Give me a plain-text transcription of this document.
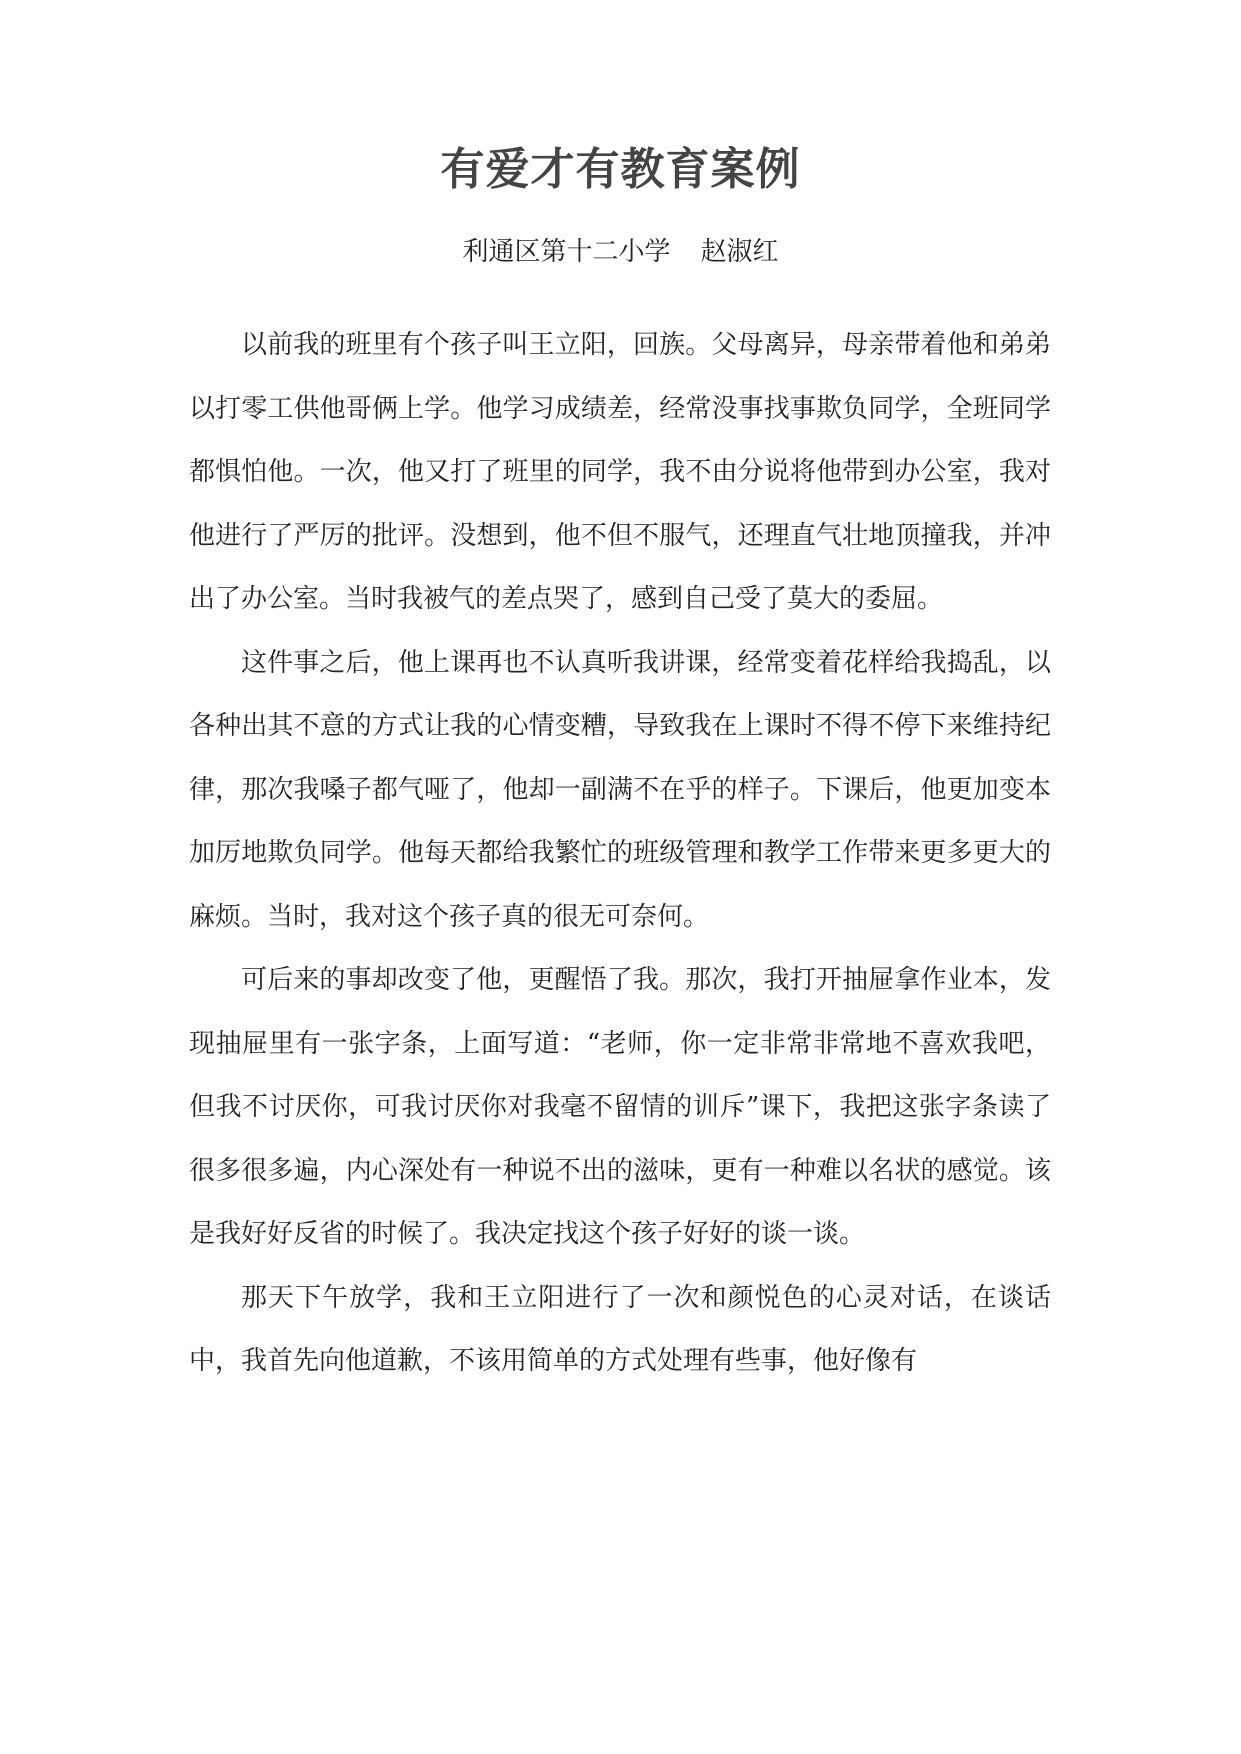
有爱才有教育案例
利通区第十二小学 赵淑红

以前我的班里有个孩子叫王立阳，回族。父母离异，母亲带着他和弟弟以打零工供他哥俩上学。他学习成绩差，经常没事找事欺负同学，全班同学都惧怕他。一次，他又打了班里的同学，我不由分说将他带到办公室，我对他进行了严厉的批评。没想到，他不但不服气，还理直气壮地顶撞我，并冲出了办公室。当时我被气的差点哭了，感到自己受了莫大的委屈。

这件事之后，他上课再也不认真听我讲课，经常变着花样给我捣乱，以各种出其不意的方式让我的心情变糟，导致我在上课时不得不停下来维持纪律，那次我嗓子都气哑了，他却一副满不在乎的样子。下课后，他更加变本加厉地欺负同学。他每天都给我繁忙的班级管理和教学工作带来更多更大的麻烦。当时，我对这个孩子真的很无可奈何。

可后来的事却改变了他，更醒悟了我。那次，我打开抽屉拿作业本，发现抽屉里有一张字条，上面写道：“老师，你一定非常非常地不喜欢我吧，但我不讨厌你，可我讨厌你对我毫不留情的训斥”课下，我把这张字条读了很多很多遍，内心深处有一种说不出的滋味，更有一种难以名状的感觉。该是我好好反省的时候了。我决定找这个孩子好好的谈一谈。

那天下午放学，我和王立阳进行了一次和颜悦色的心灵对话，在谈话中，我首先向他道歉，不该用简单的方式处理有些事，他好像有
